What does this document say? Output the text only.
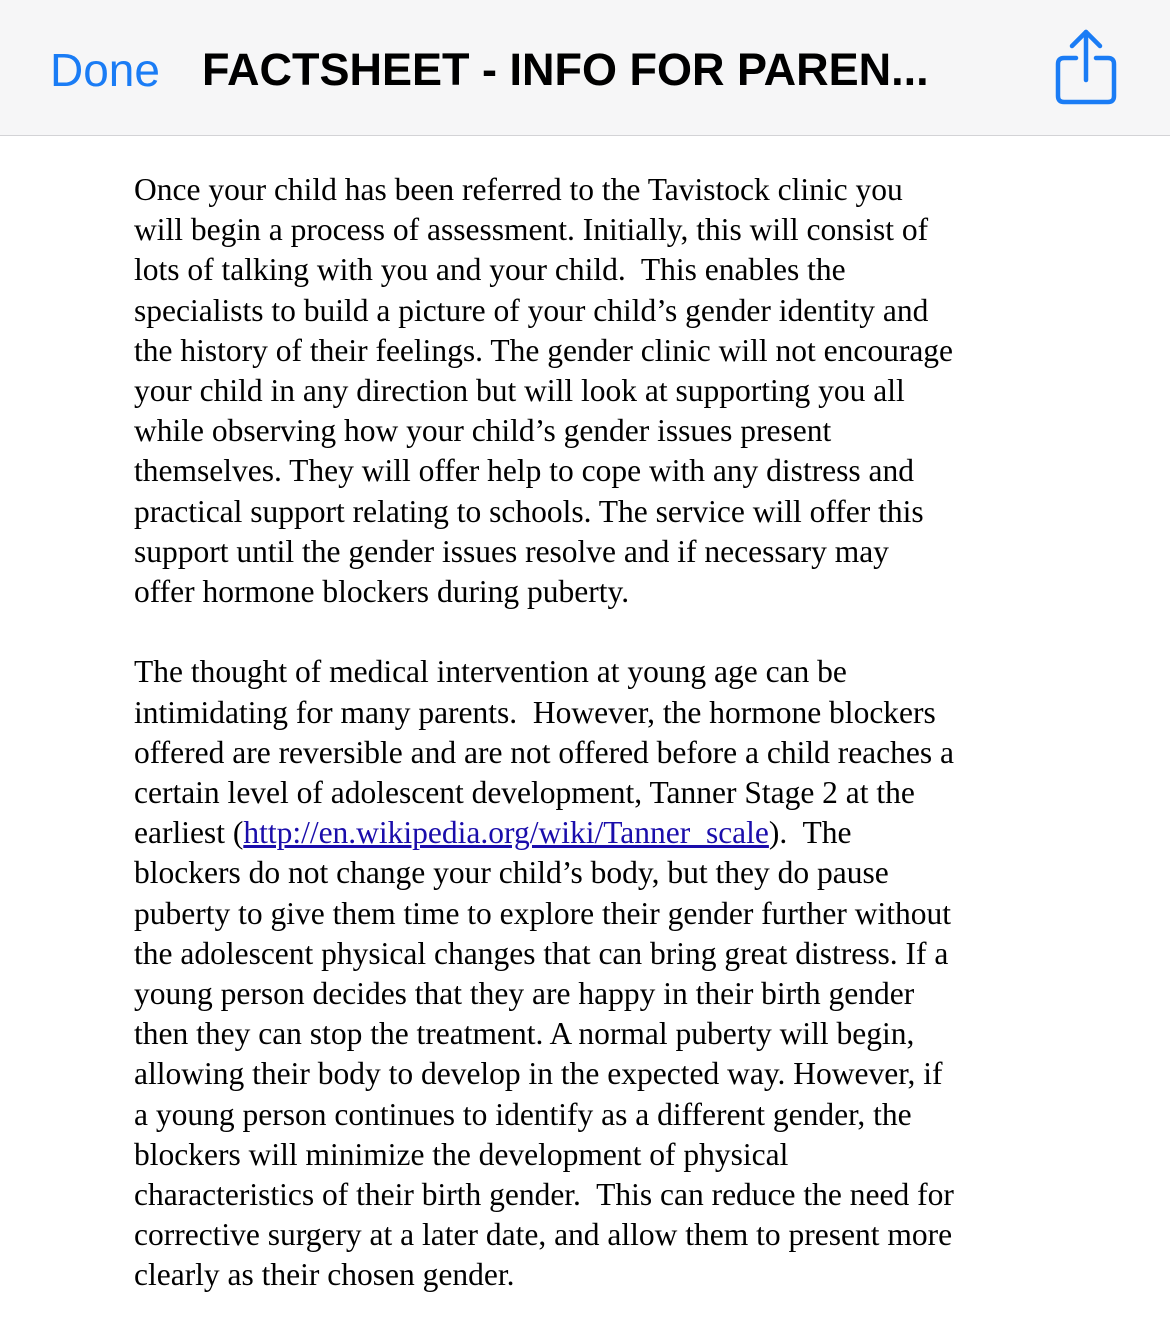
Done FACTSHEET - INFO FOR PAREN...
Once your child has been referred to the Tavistock clinic you
will begin a process of assessment. Initially, this will consist of
lots of talking with you and your child.  This enables the
specialists to build a picture of your child’s gender identity and
the history of their feelings. The gender clinic will not encourage
your child in any direction but will look at supporting you all
while observing how your child’s gender issues present
themselves. They will offer help to cope with any distress and
practical support relating to schools. The service will offer this
support until the gender issues resolve and if necessary may
offer hormone blockers during puberty.
The thought of medical intervention at young age can be
intimidating for many parents.  However, the hormone blockers
offered are reversible and are not offered before a child reaches a
certain level of adolescent development, Tanner Stage 2 at the
earliest (http://en.wikipedia.org/wiki/Tanner_scale).  The
blockers do not change your child’s body, but they do pause
puberty to give them time to explore their gender further without
the adolescent physical changes that can bring great distress. If a
young person decides that they are happy in their birth gender
then they can stop the treatment. A normal puberty will begin,
allowing their body to develop in the expected way. However, if
a young person continues to identify as a different gender, the
blockers will minimize the development of physical
characteristics of their birth gender.  This can reduce the need for
corrective surgery at a later date, and allow them to present more
clearly as their chosen gender.
